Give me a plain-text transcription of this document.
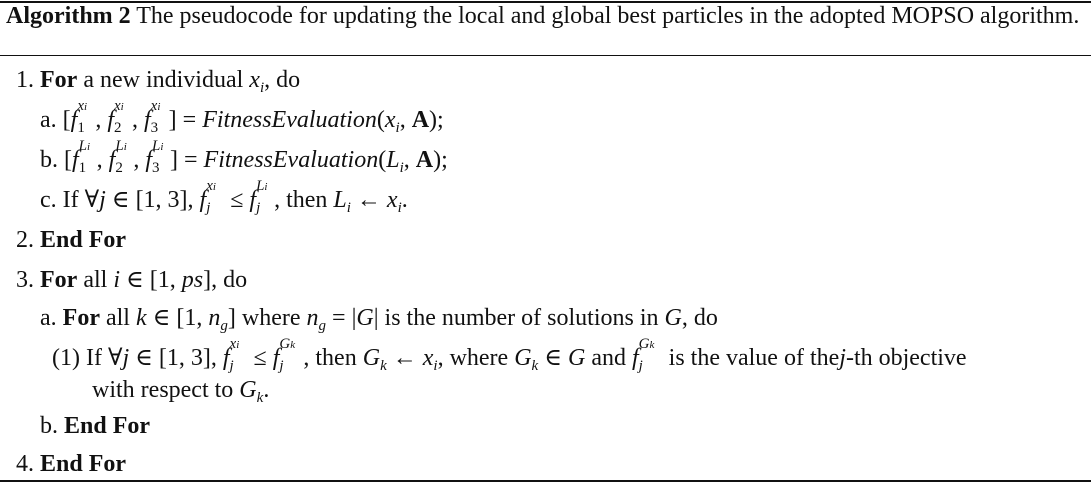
Algorithm 2 The pseudocode for updating the local and global best particles in the adopted MOPSO algorithm.
1. For a new individual $x_i$, do
a. [f
xi
1 , f
xi
2 , f
xi
3 ] = $FitnessEvaluation(x_i$, A);
b. [f
Li
1 , f
Li
2 , f
Li
3 ] = $FitnessEvaluation(L_i$, A);
c. If ∀j ∈ [1, 3], f
xi
j ≤ f
Li
j , then $L_i$ ← $x_i$.
2. End For
3. For all i ∈ [1, ps], do
a. For all k ∈ [1, $n_g$] where $n_g = |G|$ is the number of solutions in G, do
(1) If ∀j ∈ [1, 3], f
xi
j ≤ f
Gk
j , then $G_k$ ← $x_i$, where $G_k$ ∈ G and f
Gk
j is the value of thej-th objective
with respect to $G_k$.
b. End For
4. End For
